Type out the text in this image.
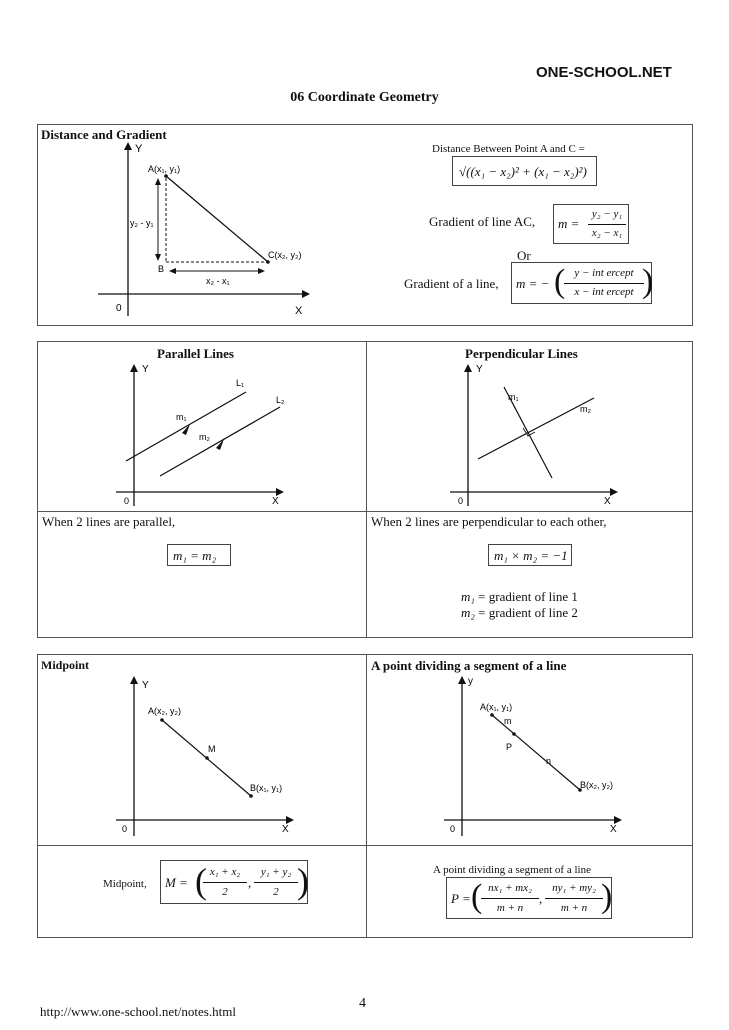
ONE-SCHOOL.NET
06 Coordinate Geometry
Distance and Gradient
Y
X
0
A(x₁, y₁)
B
C(x₂, y₂)
y₂ - y₁
x₂ - x₁
Distance Between Point A and C =
√((x₁ − x₂)² + (x₁ − x₂)²)
Gradient of line AC, m =
y₂ − y₁
x₂ − x₁
Or
Gradient of a line, m = − ( y − int ercept
x − int ercept )
Parallel Lines	Perpendicular Lines
Y
X
0
L₁
L₂
m₁
m₂
Y
X
0
m₁
m₂
When 2 lines are parallel,
m₁ = m₂
When 2 lines are perpendicular to each other,
m₁ × m₂ = −1
m₁ = gradient of line 1
m₂ = gradient of line 2
Midpoint	A point dividing a segment of a line
Y
X
0
A(x₂, y₂)
M
B(x₁, y₁)
y
X
0
A(x₁, y₁)
m
P
n
B(x₂, y₂)
Midpoint, M = ( x₁ + x₂
2
,
y₁ + y₂
2 )	A point dividing a segment of a line
P = ( nx₁ + mx₂
m + n
,
ny₁ + my₂
m + n )
http://www.one-school.net/notes.html
4
